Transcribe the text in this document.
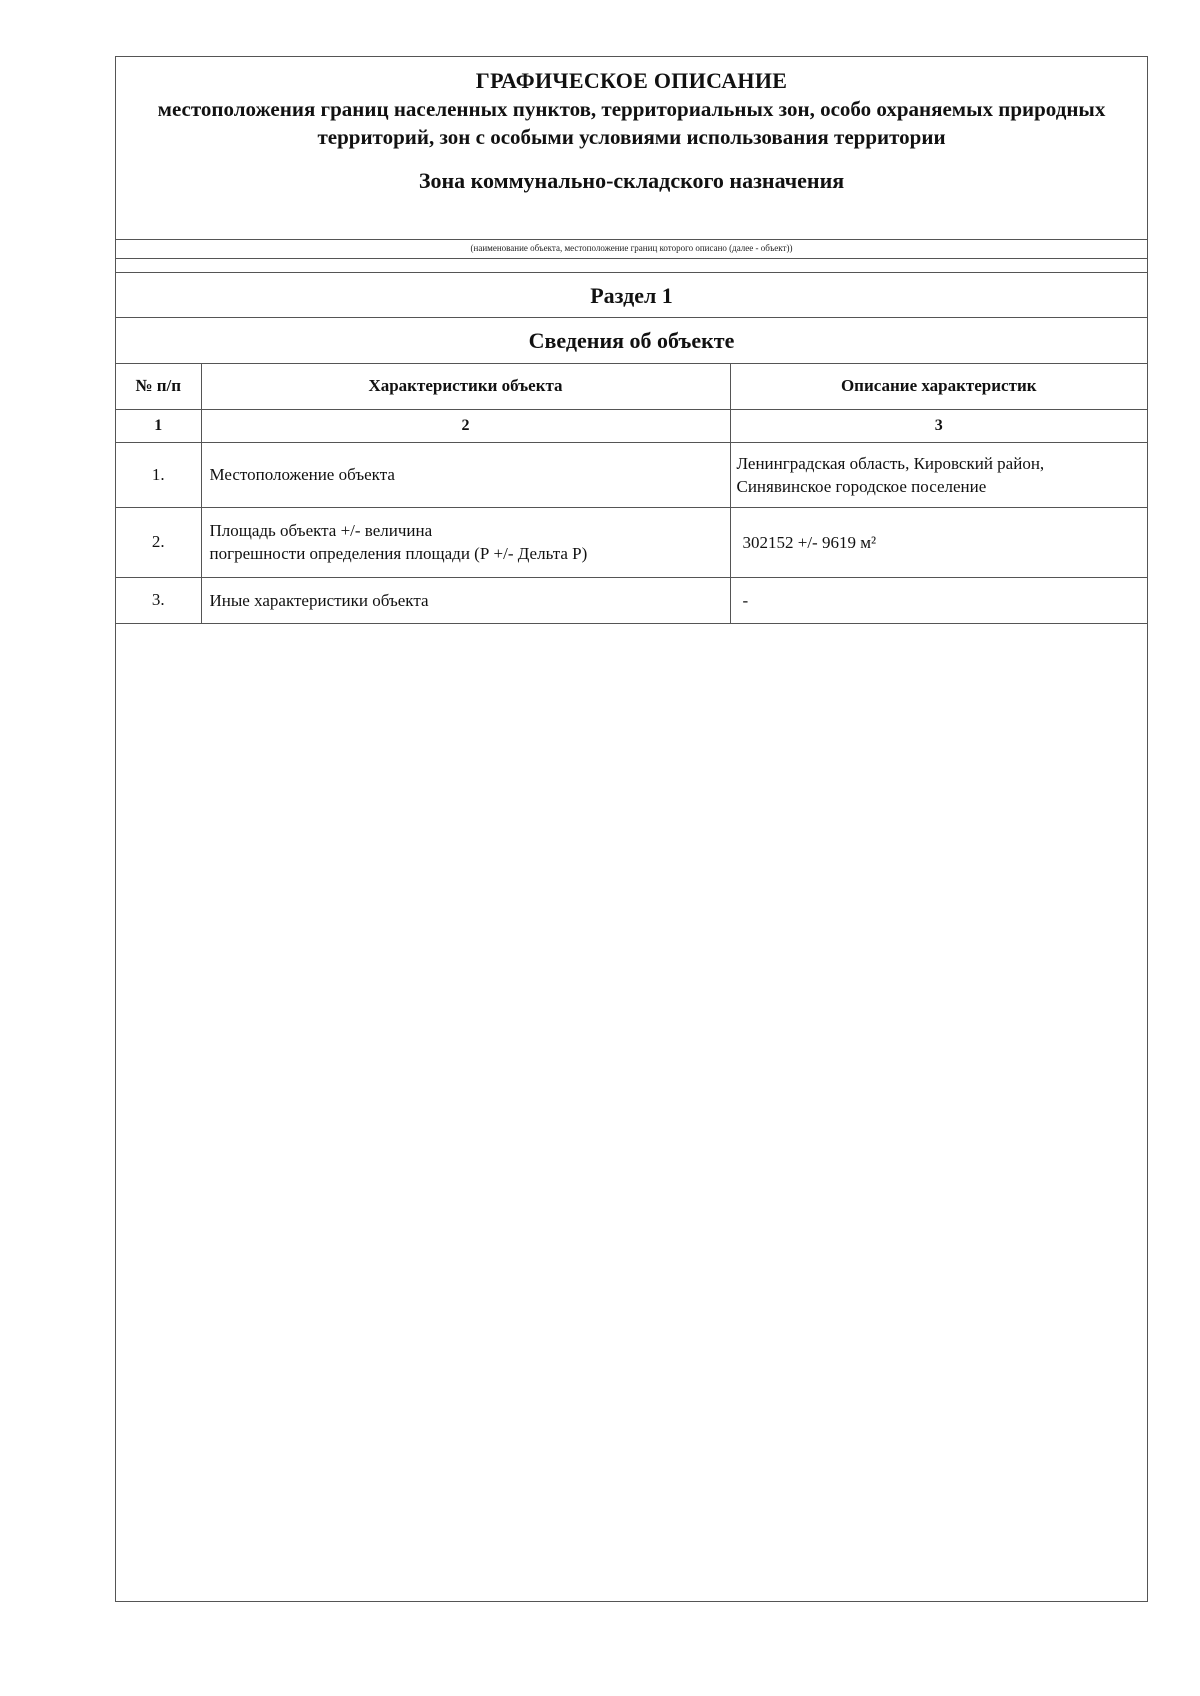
ГРАФИЧЕСКОЕ ОПИСАНИЕ
местоположения границ населенных пунктов, территориальных зон, особо охраняемых природных территорий, зон с особыми условиями использования территории
Зона коммунально-складского назначения
(наименование объекта, местоположение границ которого описано (далее - объект))
Раздел 1
Сведения об объекте
№ п/п	Характеристики объекта	Описание характеристик
1	2	3
1.	Местоположение объекта	Ленинградская область, Кировский район,
Синявинское городское поселение

2.	Площадь объекта +/- величина
погрешности определения площади (Р +/- Дельта Р)	302152 +/- 9619 м²

3.	Иные характеристики объекта	-
